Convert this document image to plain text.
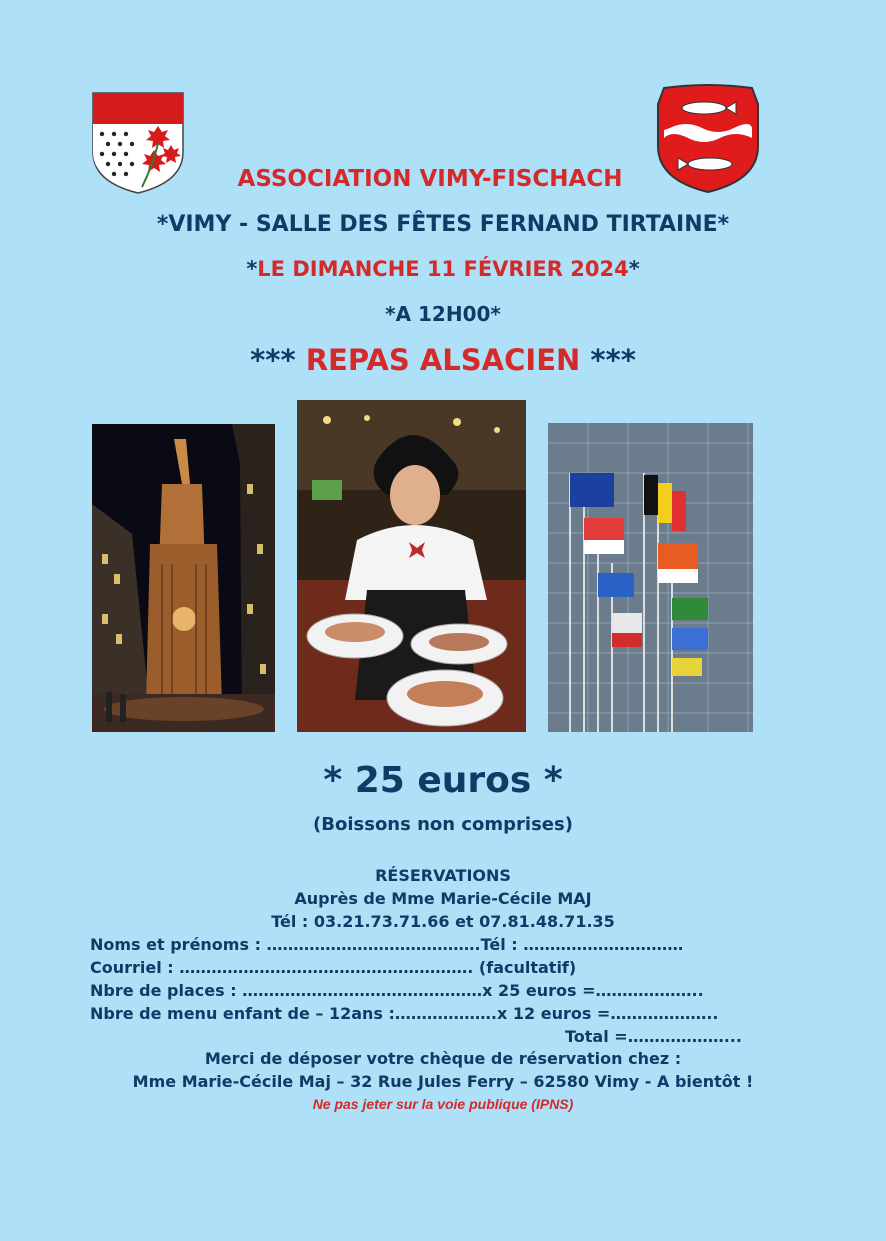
ASSOCIATION VIMY-FISCHACH
*VIMY - SALLE DES FÊTES FERNAND TIRTAINE*
*LE DIMANCHE 11 FÉVRIER 2024*
*A 12H00*
*** REPAS ALSACIEN ***
* 25 euros *
(Boissons non comprises)
RÉSERVATIONS
Auprès de Mme Marie-Cécile MAJ
Tél : 03.21.73.71.66 et 07.81.48.71.35
Noms et prénoms : ………………………………….Tél : …………………………
Courriel : ………………………………………………. (facultatif)
Nbre de places : ………………………………………x 25 euros =………………..
Nbre de menu enfant de – 12ans :……………….x 12 euros =………………..
Total =………………...
Merci de déposer votre chèque de réservation chez :
Mme Marie-Cécile Maj – 32 Rue Jules Ferry – 62580 Vimy - A bientôt !
Ne pas jeter sur la voie publique (IPNS)
